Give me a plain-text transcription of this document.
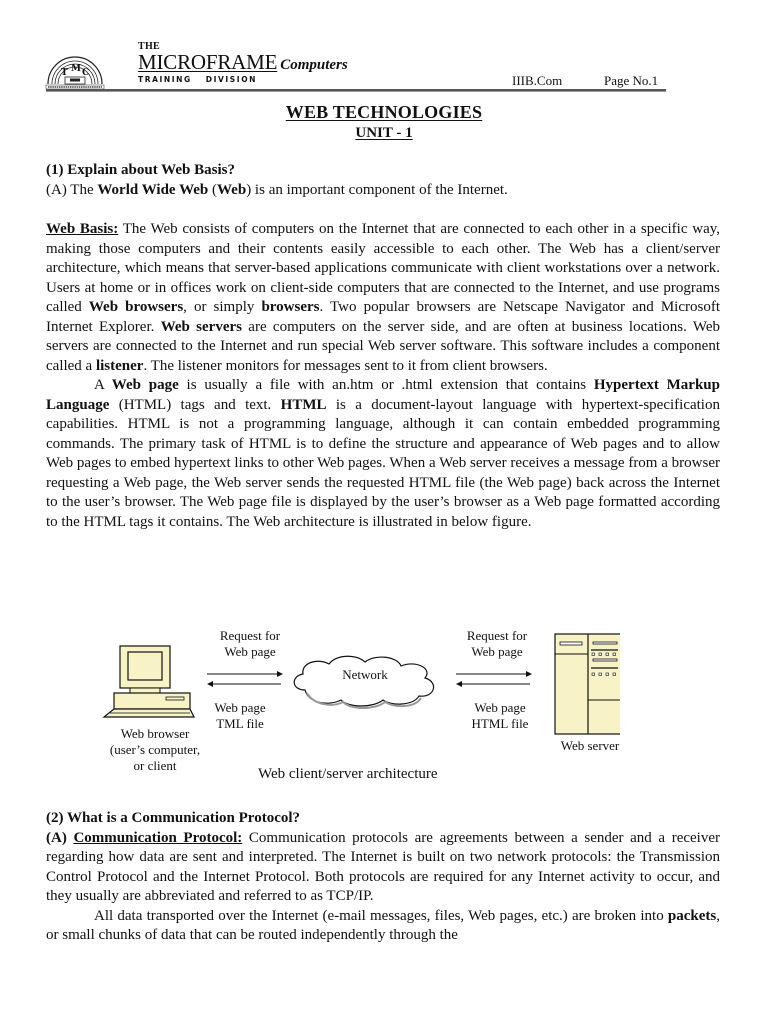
T M C
THE
MICROFRAME Computers
TRAINING DIVISION	IIIB.Com	Page No.1
WEB TECHNOLOGIES
UNIT - 1

(1) Explain about Web Basis?

(A) The World Wide Web (Web) is an important component of the Internet.

Web Basis: The Web consists of computers on the Internet that are connected to each other in a specific way, making those computers and their contents easily accessible to each other. The Web has a client/server architecture, which means that server-based applications communicate with client workstations over a network. Users at home or in offices work on client-side computers that are connected to the Internet, and use programs called Web browsers, or simply browsers. Two popular browsers are Netscape Navigator and Microsoft Internet Explorer. Web servers are computers on the server side, and are often at business locations. Web servers are connected to the Internet and run special Web server software. This software includes a component called a listener. The listener monitors for messages sent to it from client browsers.

A Web page is usually a file with an.htm or .html extension that contains Hypertext Markup Language (HTML) tags and text. HTML is a document-layout language with hypertext-specification capabilities. HTML is not a programming language, although it can contain embedded programming commands. The primary task of HTML is to define the structure and appearance of Web pages and to allow Web pages to embed hypertext links to other Web pages. When a Web server receives a message from a browser requesting a Web page, the Web server sends the requested HTML file (the Web page) back across the Internet to the user’s browser. The Web page file is displayed by the user’s browser as a Web page formatted according to the HTML tags it contains. The Web architecture is illustrated in below figure.

Web browser
(user’s computer,
or client
Request for
Web page
Web page
TML file
Network
Request for
Web page
Web page
HTML file
Web server
Web client/server architecture

(2) What is a Communication Protocol?

(A) Communication Protocol: Communication protocols are agreements between a sender and a receiver regarding how data are sent and interpreted. The Internet is built on two network protocols: the Transmission Control Protocol and the Internet Protocol. Both protocols are required for any Internet activity to occur, and they usually are abbreviated and referred to as TCP/IP.

All data transported over the Internet (e-mail messages, files, Web pages, etc.) are broken into packets, or small chunks of data that can be routed independently through the
